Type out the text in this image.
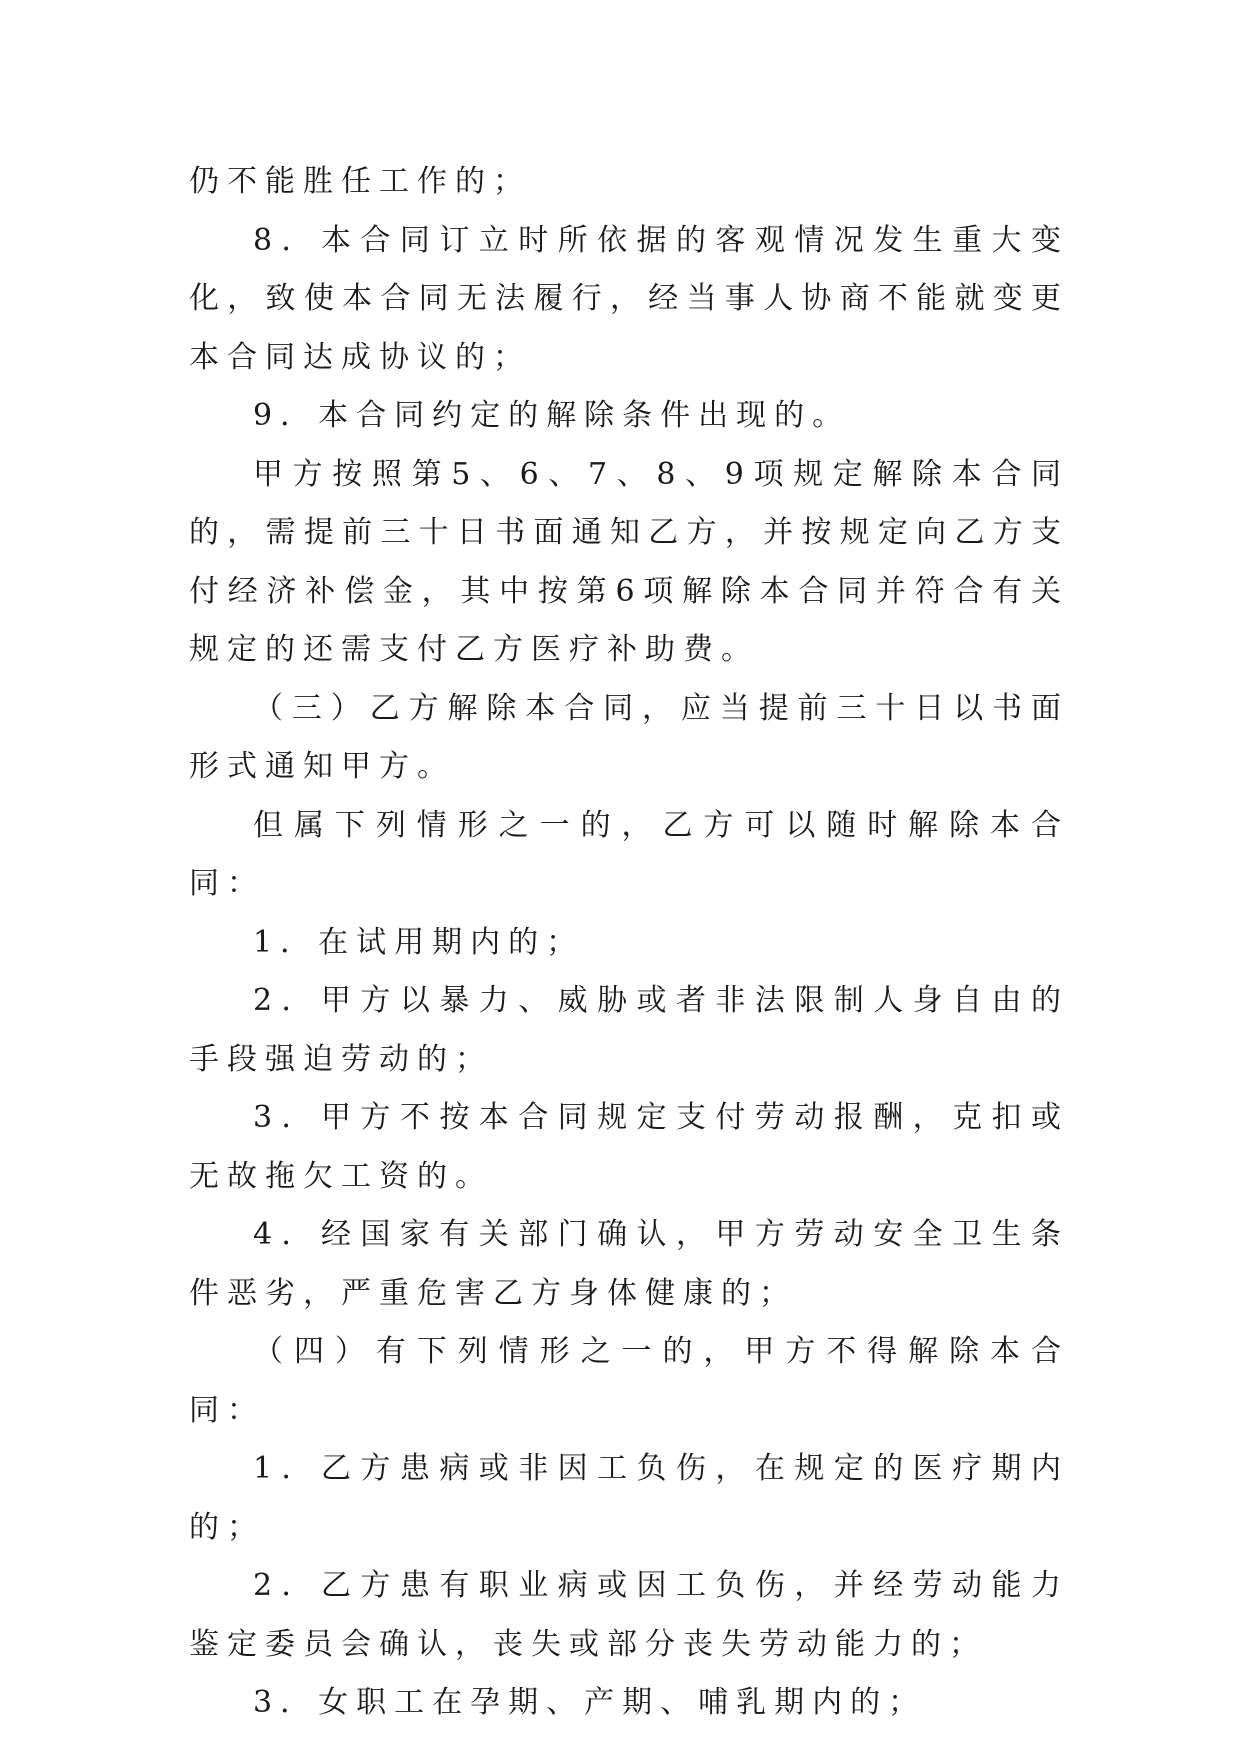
仍不能胜任工作的；

8．本合同订立时所依据的客观情况发生重大变化，致使本合同无法履行，经当事人协商不能就变更本合同达成协议的；

9．本合同约定的解除条件出现的。

甲方按照第5、6、7、8、9项规定解除本合同的，需提前三十日书面通知乙方，并按规定向乙方支付经济补偿金，其中按第6项解除本合同并符合有关规定的还需支付乙方医疗补助费。

（三）乙方解除本合同，应当提前三十日以书面形式通知甲方。

但属下列情形之一的，乙方可以随时解除本合同：

1．在试用期内的；

2．甲方以暴力、威胁或者非法限制人身自由的手段强迫劳动的；

3．甲方不按本合同规定支付劳动报酬，克扣或无故拖欠工资的。

4．经国家有关部门确认，甲方劳动安全卫生条件恶劣，严重危害乙方身体健康的；

（四）有下列情形之一的，甲方不得解除本合同：

1．乙方患病或非因工负伤，在规定的医疗期内的；

2．乙方患有职业病或因工负伤，并经劳动能力鉴定委员会确认，丧失或部分丧失劳动能力的；

3．女职工在孕期、产期、哺乳期内的；
